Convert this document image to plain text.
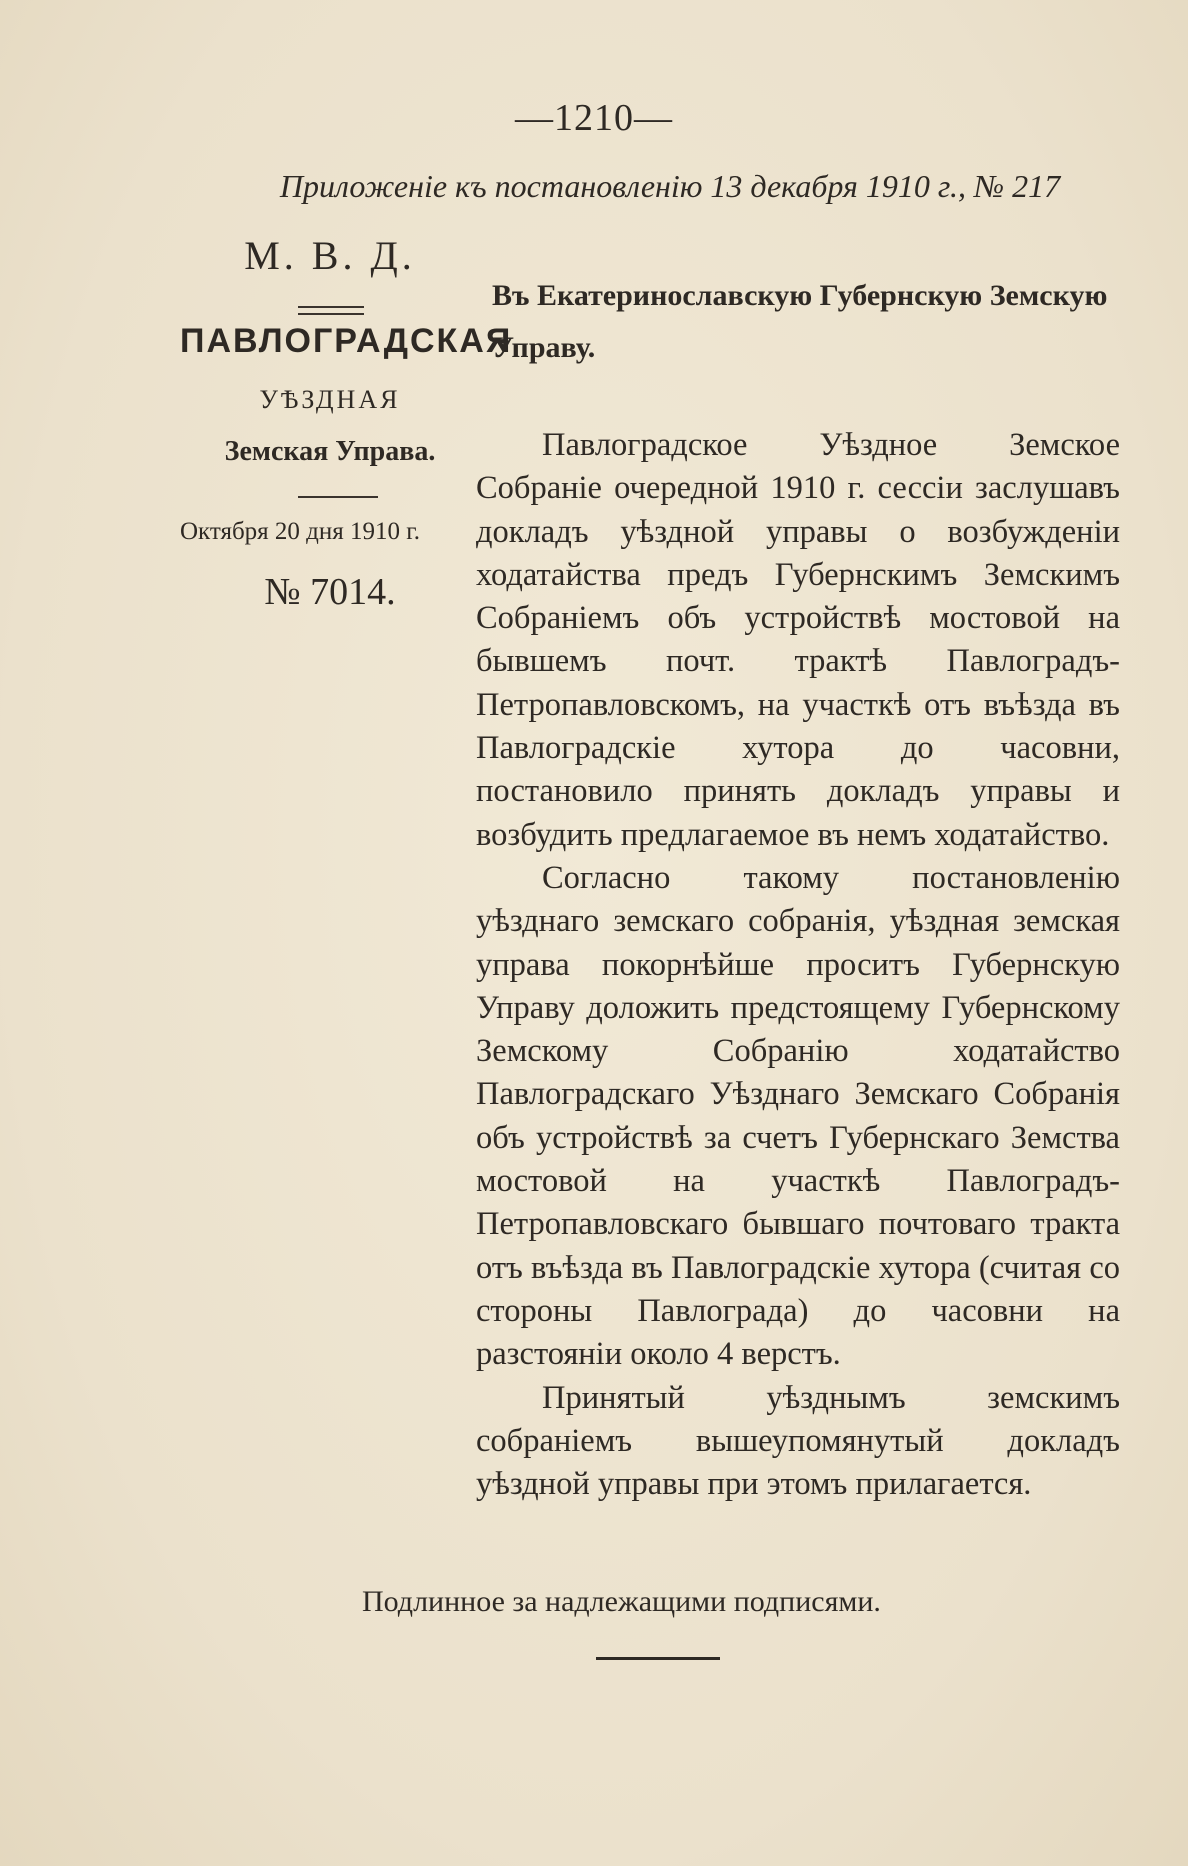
—1210—
Приложеніе къ постановленію 13 декабря 1910 г., № 217
М. В. Д.
ПАВЛОГРАДСКАЯ
УѢЗДНАЯ
Земская Управа.
Октября 20 дня 1910 г.
№ 7014.
Въ Екатеринославскую Губернскую Земскую Управу.

Павлоградское Уѣздное Земское Собраніе очередной 1910 г. сессіи заслушавъ докладъ уѣздной управы о возбужденіи ходатайства предъ Губернскимъ Земскимъ Собраніемъ объ устройствѣ мостовой на бывшемъ почт. трактѣ Павлоградъ-Петропавловскомъ, на участкѣ отъ въѣзда въ Павлоградскіе хутора до часовни, постановило принять докладъ управы и возбудить предлагаемое въ немъ ходатайство.

Согласно такому постановленію уѣзднаго земскаго собранія, уѣздная земская управа покорнѣйше проситъ Губернскую Управу доложить предстоящему Губернскому Земскому Собранію ходатайство Павлоградскаго Уѣзднаго Земскаго Собранія объ устройствѣ за счетъ Губернскаго Земства мостовой на участкѣ Павлоградъ-Петропавловскаго бывшаго почтоваго тракта отъ въѣзда въ Павлоградскіе хутора (считая со стороны Павлограда) до часовни на разстояніи около 4 верстъ.

Принятый уѣзднымъ земскимъ собраніемъ вышеупомянутый докладъ уѣздной управы при этомъ прилагается.

Подлинное за надлежащими подписями.
